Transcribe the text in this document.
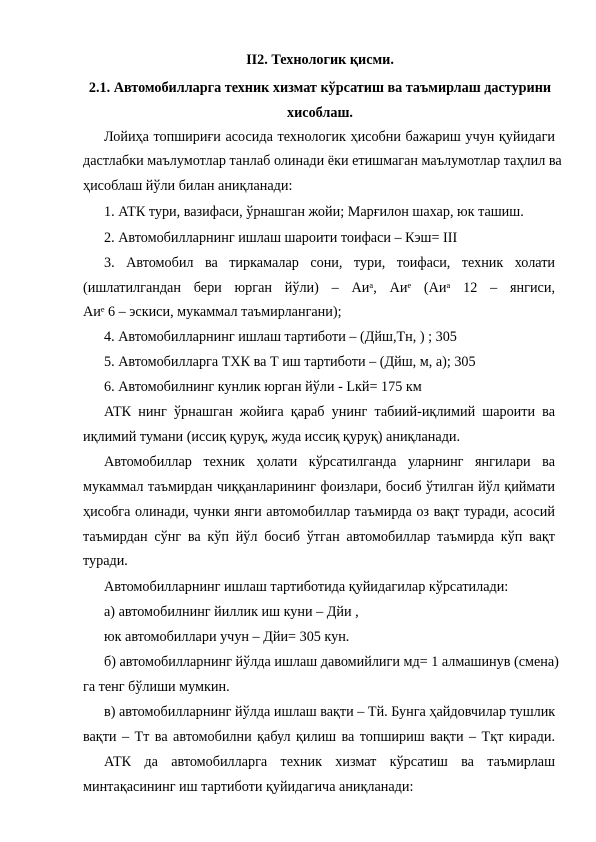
II2. Технологик қисми.
2.1. Автомобилларга техник хизмат кўрсатиш ва таъмирлаш дастурини
хисоблаш.
Лойиҳа топшириғи асосида технологик ҳисобни бажариш учун қуйидаги
дастлабки маълумотлар танлаб олинади ёки етишмаган маълумотлар таҳлил ва
ҳисоблаш йўли билан аниқланади:
1. АТК тури, вазифаси, ўрнашган жойи; Марғилон шахар, юк ташиш.
2. Автомобилларнинг ишлаш шароити тоифаси – Кэш= III
3. Автомобил ва тиркамалар сони, тури, тоифаси, техник холати
(ишлатилгандан бери юрган йўли) – Аиᵃ, Аиᵉ (Аиᵃ 12 – янгиси,
Аиᵉ 6 – эскиси, мукаммал таъмирлангани);
4. Автомобилларнинг ишлаш тартиботи – (Дйш,Тн, ) ; 305
5. Автомобилларга ТХК ва Т иш тартиботи – (Дйш, м, а); 305
6. Автомобилнинг кунлик юрган йўли - Lкй= 175 км
АТК нинг ўрнашган жойига қараб унинг табиий-иқлимий шароити ва
иқлимий тумани (иссиқ қуруқ, жуда иссиқ қуруқ) аниқланади.
Автомобиллар техник ҳолати кўрсатилганда уларнинг янгилари ва
мукаммал таъмирдан чиққанларининг фоизлари, босиб ўтилган йўл қиймати
ҳисобга олинади, чунки янги автомобиллар таъмирда оз вақт туради, асосий
таъмирдан сўнг ва кўп йўл босиб ўтган автомобиллар таъмирда кўп вақт
туради.
Автомобилларнинг ишлаш тартиботида қуйидагилар кўрсатилади:
а) автомобилнинг йиллик иш куни – Дйи ,
юк автомобиллари учун – Дйи= 305 кун.
б) автомобилларнинг йўлда ишлаш давомийлиги мд= 1 алмашинув (смена)
га тенг бўлиши мумкин.
в) автомобилларнинг йўлда ишлаш вақти – Тй. Бунга ҳайдовчилар тушлик
вақти – Тт ва автомобилни қабул қилиш ва топшириш вақти – Тқт киради.
АТК да автомобилларга техник хизмат кўрсатиш ва таъмирлаш
минтақасининг иш тартиботи қуйидагича аниқланади:
